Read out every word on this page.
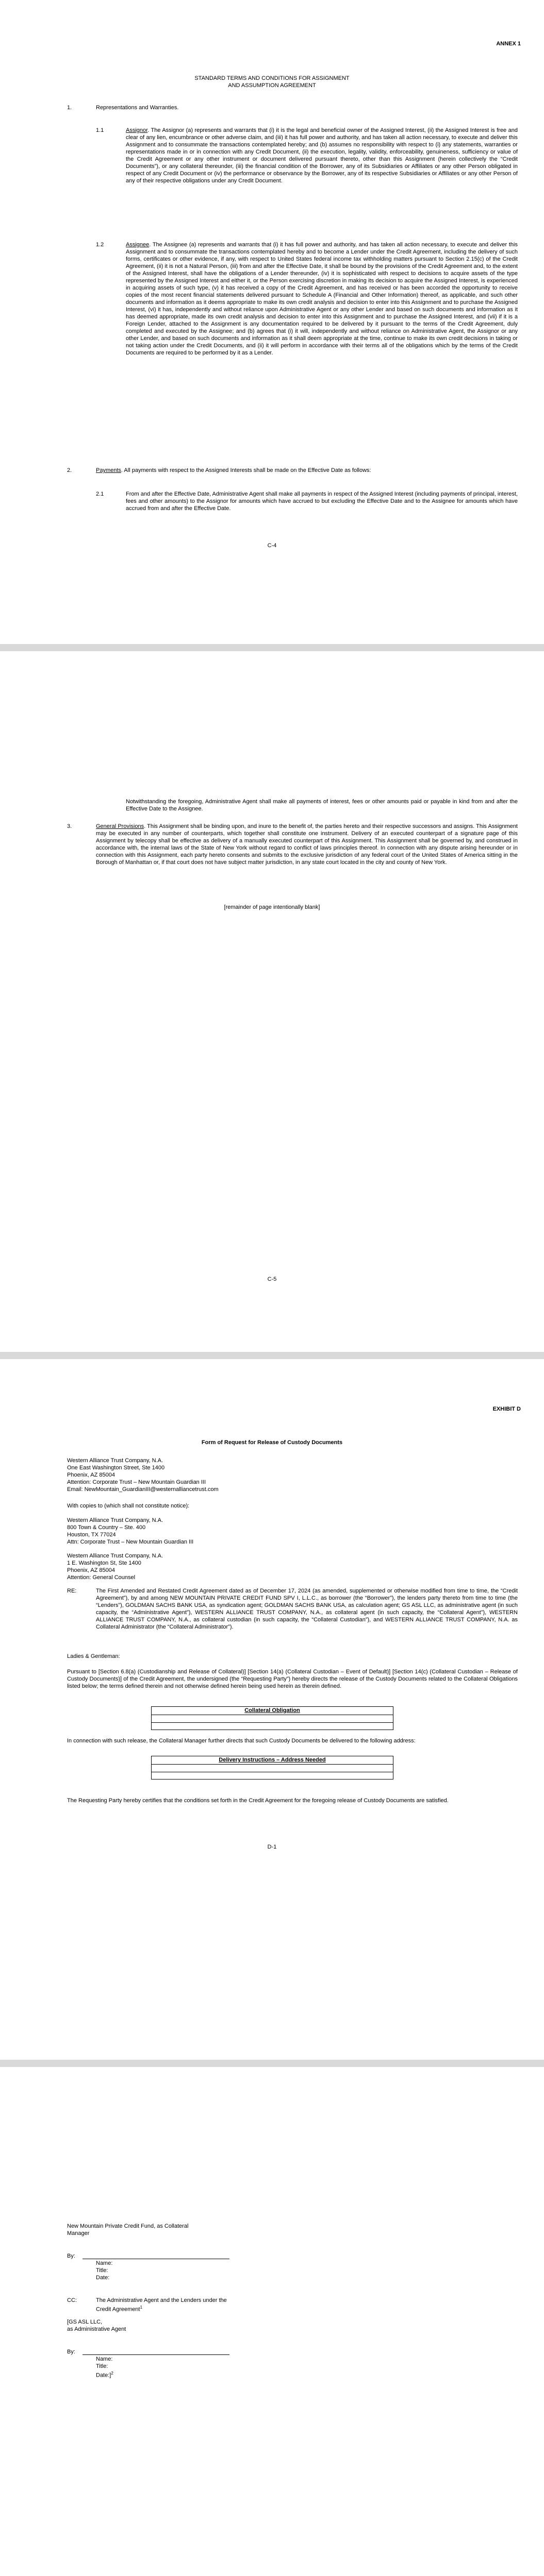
ANNEX 1
STANDARD TERMS AND CONDITIONS FOR ASSIGNMENT
AND ASSUMPTION AGREEMENT
1.	Representations and Warranties.
1.1	Assignor. The Assignor (a) represents and warrants that (i) it is the legal and beneficial owner of the Assigned Interest, (ii) the Assigned Interest is free and clear of any lien, encumbrance or other adverse claim, and (iii) it has full power and authority, and has taken all action necessary, to execute and deliver this Assignment and to consummate the transactions contemplated hereby; and (b) assumes no responsibility with respect to (i) any statements, warranties or representations made in or in connection with any Credit Document, (ii) the execution, legality, validity, enforceability, genuineness, sufficiency or value of the Credit Agreement or any other instrument or document delivered pursuant thereto, other than this Assignment (herein collectively the “Credit Documents”), or any collateral thereunder, (iii) the financial condition of the Borrower, any of its Subsidiaries or Affiliates or any other Person obligated in respect of any Credit Document or (iv) the performance or observance by the Borrower, any of its respective Subsidiaries or Affiliates or any other Person of any of their respective obligations under any Credit Document.

1.2	Assignee. The Assignee (a) represents and warrants that (i) it has full power and authority, and has taken all action necessary, to execute and deliver this Assignment and to consummate the transactions contemplated hereby and to become a Lender under the Credit Agreement, including the delivery of such forms, certificates or other evidence, if any, with respect to United States federal income tax withholding matters pursuant to Section 2.15(c) of the Credit Agreement, (ii) it is not a Natural Person, (iii) from and after the Effective Date, it shall be bound by the provisions of the Credit Agreement and, to the extent of the Assigned Interest, shall have the obligations of a Lender thereunder, (iv) it is sophisticated with respect to decisions to acquire assets of the type represented by the Assigned Interest and either it, or the Person exercising discretion in making its decision to acquire the Assigned Interest, is experienced in acquiring assets of such type, (v) it has received a copy of the Credit Agreement, and has received or has been accorded the opportunity to receive copies of the most recent financial statements delivered pursuant to Schedule A (Financial and Other Information) thereof, as applicable, and such other documents and information as it deems appropriate to make its own credit analysis and decision to enter into this Assignment and to purchase the Assigned Interest, (vi) it has, independently and without reliance upon Administrative Agent or any other Lender and based on such documents and information as it has deemed appropriate, made its own credit analysis and decision to enter into this Assignment and to purchase the Assigned Interest, and (vii) if it is a Foreign Lender, attached to the Assignment is any documentation required to be delivered by it pursuant to the terms of the Credit Agreement, duly completed and executed by the Assignee; and (b) agrees that (i) it will, independently and without reliance on Administrative Agent, the Assignor or any other Lender, and based on such documents and information as it shall deem appropriate at the time, continue to make its own credit decisions in taking or not taking action under the Credit Documents, and (ii) it will perform in accordance with their terms all of the obligations which by the terms of the Credit Documents are required to be performed by it as a Lender.

2.	Payments. All payments with respect to the Assigned Interests shall be made on the Effective Date as follows:

2.1	From and after the Effective Date, Administrative Agent shall make all payments in respect of the Assigned Interest (including payments of principal, interest, fees and other amounts) to the Assignor for amounts which have accrued to but excluding the Effective Date and to the Assignee for amounts which have accrued from and after the Effective Date.

C-4

Notwithstanding the foregoing, Administrative Agent shall make all payments of interest, fees or other amounts paid or payable in kind from and after the Effective Date to the Assignee.

3.	General Provisions. This Assignment shall be binding upon, and inure to the benefit of, the parties hereto and their respective successors and assigns. This Assignment may be executed in any number of counterparts, which together shall constitute one instrument. Delivery of an executed counterpart of a signature page of this Assignment by telecopy shall be effective as delivery of a manually executed counterpart of this Assignment. This Assignment shall be governed by, and construed in accordance with, the internal laws of the State of New York without regard to conflict of laws principles thereof. In connection with any dispute arising hereunder or in connection with this Assignment, each party hereto consents and submits to the exclusive jurisdiction of any federal court of the United States of America sitting in the Borough of Manhattan or, if that court does not have subject matter jurisdiction, in any state court located in the city and county of New York.

[remainder of page intentionally blank]
C-5
EXHIBIT D
Form of Request for Release of Custody Documents
Western Alliance Trust Company, N.A.
One East Washington Street, Ste 1400
Phoenix, AZ 85004
Attention: Corporate Trust – New Mountain Guardian III
Email: NewMountain_GuardianIII@westernalliancetrust.com
With copies to (which shall not constitute notice):
Western Alliance Trust Company, N.A.
800 Town & Country – Ste. 400
Houston, TX 77024
Attn: Corporate Trust – New Mountain Guardian III
Western Alliance Trust Company, N.A.
1 E. Washington St, Ste 1400
Phoenix, AZ 85004
Attention: General Counsel
RE:	The First Amended and Restated Credit Agreement dated as of December 17, 2024 (as amended, supplemented or otherwise modified from time to time, the “Credit Agreement”), by and among NEW MOUNTAIN PRIVATE CREDIT FUND SPV I, L.L.C., as borrower (the “Borrower”), the lenders party thereto from time to time (the “Lenders”), GOLDMAN SACHS BANK USA, as syndication agent; GOLDMAN SACHS BANK USA, as calculation agent; GS ASL LLC, as administrative agent (in such capacity, the “Administrative Agent”), WESTERN ALLIANCE TRUST COMPANY, N.A., as collateral agent (in such capacity, the “Collateral Agent”), WESTERN ALLIANCE TRUST COMPANY, N.A., as collateral custodian (in such capacity, the “Collateral Custodian”), and WESTERN ALLIANCE TRUST COMPANY, N.A. as Collateral Administrator (the “Collateral Administrator”).

Ladies & Gentleman:

Pursuant to [Section 6.8(a) (Custodianship and Release of Collateral)] [Section 14(a) (Collateral Custodian – Event of Default)] [Section 14(c) (Collateral Custodian – Release of Custody Documents)] of the Credit Agreement, the undersigned (the “Requesting Party”) hereby directs the release of the Custody Documents related to the Collateral Obligations listed below; the terms defined therein and not otherwise defined herein being used herein as therein defined.

Collateral Obligation

In connection with such release, the Collateral Manager further directs that such Custody Documents be delivered to the following address:

Delivery Instructions – Address Needed

The Requesting Party hereby certifies that the conditions set forth in the Credit Agreement for the foregoing release of Custody Documents are satisfied.

D-1
New Mountain Private Credit Fund, as Collateral
Manager
By:
Name:
Title:
Date:
CC:	The Administrative Agent and the Lenders under the Credit Agreement$^1$
[GS ASL LLC,
as Administrative Agent
By:
Name:
Title:
Date:]$^2$
